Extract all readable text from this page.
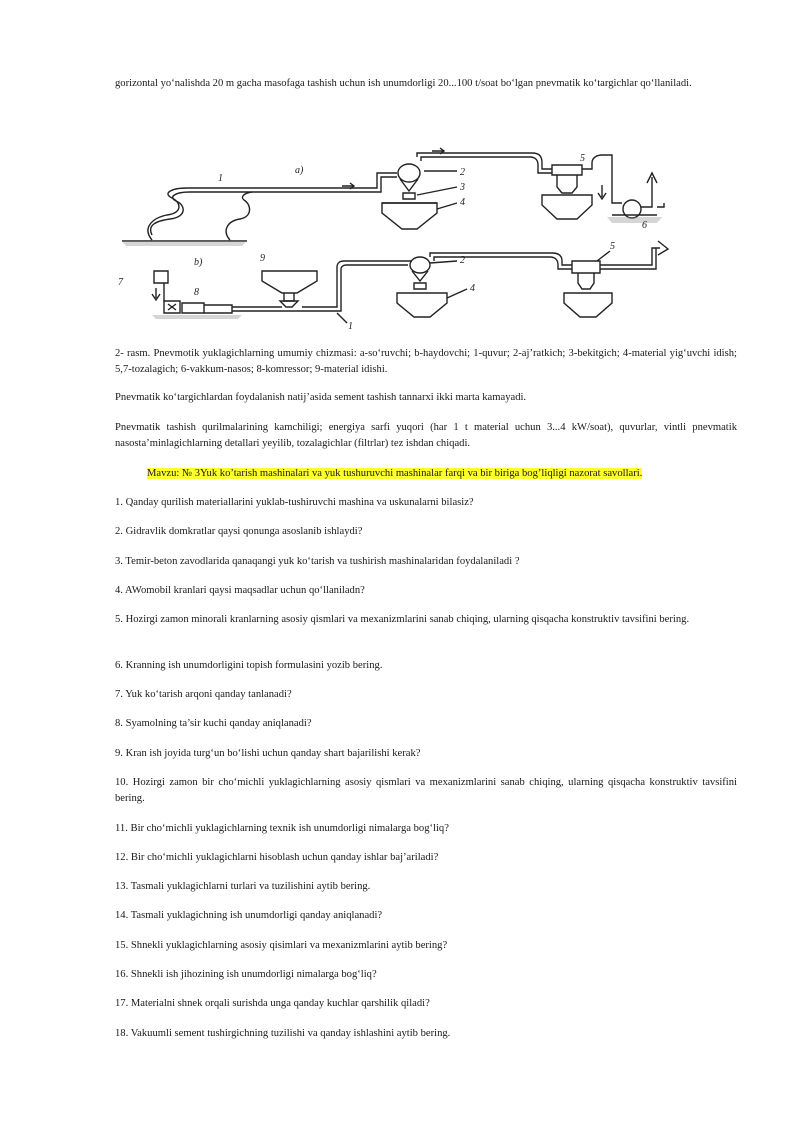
gorizontal yo‘nalishda 20 m gacha masofaga tashish uchun ish unumdorligi 20...100 t/soat bo‘lgan pnevmatik ko‘targichlar qo‘llaniladi.

1
a)	2
3
4
5
6
7
8
9
b)	2
4
5
1

2- rasm. Pnevmotik yuklagichlarning umumiy chizmasi: a-so‘ruvchi; b-haydovchi; 1-quvur; 2-aj’ratkich; 3-bekitgich; 4-material yig‘uvchi idish; 5,7-tozalagich; 6-vakkum-nasos; 8-komressor; 9-material idishi.

Pnevmatik ko‘targichlardan foydalanish natij’asida sement tashish tannarxi ikki marta kamayadi.

Pnevmatik tashish qurilmalarining kamchiligi; energiya sarfi yuqori (har 1 t material uchun 3...4 kW/soat), quvurlar, vintli pnevmatik nasosta’minlagichlarning detallari yeyilib, tozalagichlar (filtrlar) tez ishdan chiqadi.

Mavzu: № 3Yuk ko’tarish mashinalari va yuk tushuruvchi mashinalar farqi va bir biriga bog’liqligi nazorat savollari.

1. Qanday qurilish materiallarini yuklab-tushiruvchi mashina va uskunalarni bilasiz?

2. Gidravlik domkratlar qaysi qonunga asoslanib ishlaydi?

3. Temir-beton zavodlarida qanaqangi yuk ko‘tarish va tushirish mashinalaridan foydalaniladi ?

4. AWomobil kranlari qaysi maqsadlar uchun qo‘llaniladn?

5. Hozirgi zamon minorali kranlarning asosiy qismlari va mexanizmlarini sanab chiqing, ularning qisqacha konstruktiv tavsifini bering.

6. Kranning ish unumdorligini topish formulasini yozib bering.

7. Yuk ko‘tarish arqoni qanday tanlanadi?

8. Syamolning ta’sir kuchi qanday aniqlanadi?

9. Kran ish joyida turg‘un bo‘lishi uchun qanday shart bajarilishi kerak?

10. Hozirgi zamon bir cho‘michli yuklagichlarning asosiy qismlari va mexanizmlarini sanab chiqing, ularning qisqacha konstruktiv tavsifini bering.

11. Bir cho‘michli yuklagichlarning texnik ish unumdorligi nimalarga bog‘liq?

12. Bir cho‘michli yuklagichlarni hisoblash uchun qanday ishlar baj’ariladi?

13. Tasmali yuklagichlarni turlari va tuzilishini aytib bering.

14. Tasmali yuklagichning ish unumdorligi qanday aniqlanadi?

15. Shnekli yuklagichlarning asosiy qisimlari va mexanizmlarini aytib bering?

16. Shnekli ish jihozining ish unumdorligi nimalarga bog‘liq?

17. Materialni shnek orqali surishda unga qanday kuchlar qarshilik qiladi?

18. Vakuumli sement tushirgichning tuzilishi va qanday ishlashini aytib bering.
